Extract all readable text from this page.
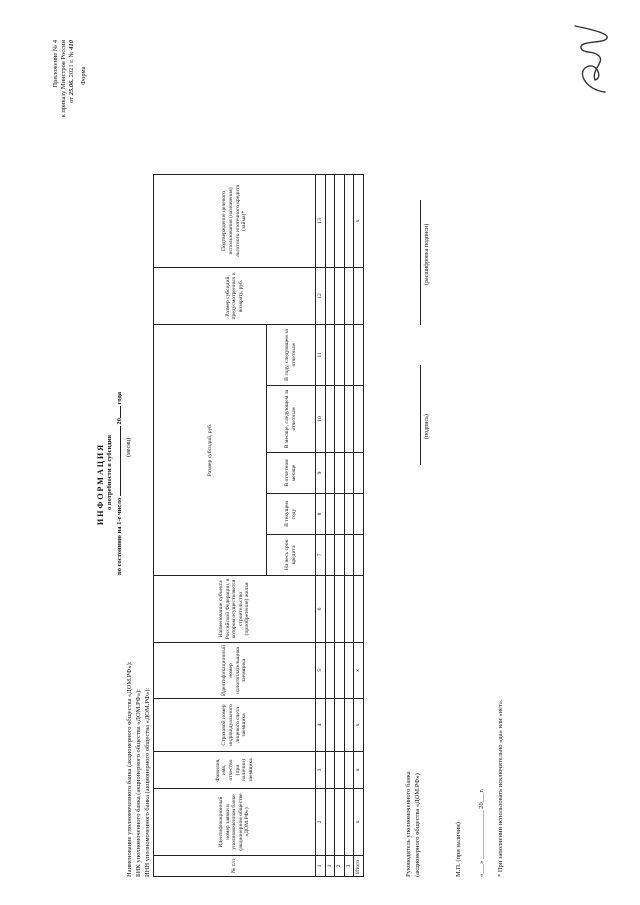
Приложение № 4 к приказу Минстроя России от 25.06. 2021 г. № 410
Форма
И Н Ф О Р М А Ц И Я о потребности в субсидии
по состоянию на 1-е число  20 года
(месяц)
Наименование уполномоченного банка (акционерного общества «ДОМ.РФ»): БИК уполномоченного банка (акционерного общества «ДОМ.РФ»): ИНН уполномоченного банка (акционерного общества «ДОМ.РФ»):	№ п/п	Идентификационный номер заявки в уполномоченном банке (акционерном обществе «ДОМ.РФ»)	Фамилия, имя, отчество (при наличии) заемщика	Страховой номер индивидуального лицевого счета заемщика	Идентификационный номер налогоплательщика заемщика	Наименование субъекта Российской Федерации, в котором осуществляется строительство (приобретение) жилья	Размер субсидий, руб.					Размер субсидий, предусмотренных к возврату, руб.	Подтверждение целевого использования (назначения) льготного ипотечного кредита (займа)*
						На весь срок кредита	В текущем году	В отчетном месяце	В месяце, следующем за отчетным	В году, следующем за отчетным		
1	2	3	4	5	6	7	8	9	10	11	12	13
1												
2												
3												
Итого	х	х	х	х								х
Руководитель уполномоченного банка (акционерного общества «ДОМ.РФ»)
(подпись)
(расшифровка подписи)
М.П. (при наличии) «___» _______________ 20___г. * При заполнении использовать исключительно «да» или «нет».
